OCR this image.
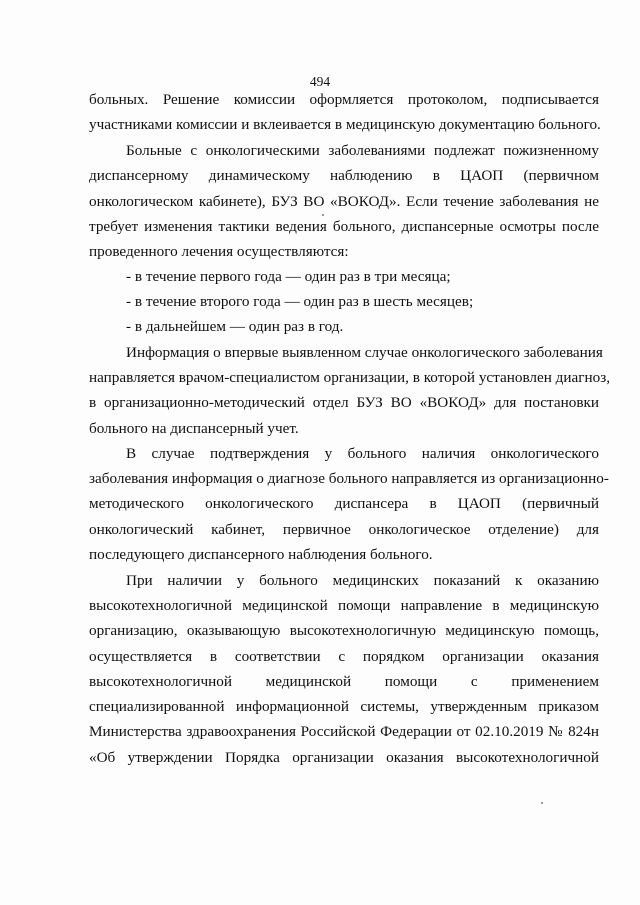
494
больных. Решение комиссии оформляется протоколом, подписывается
участниками комиссии и вклеивается в медицинскую документацию больного.
Больные с онкологическими заболеваниями подлежат пожизненному
диспансерному динамическому наблюдению в ЦАОП (первичном
онкологическом кабинете), БУЗ ВО «ВОКОД». Если течение заболевания не
требует изменения тактики ведения больного, диспансерные осмотры после
проведенного лечения осуществляются:
- в течение первого года — один раз в три месяца;
- в течение второго года — один раз в шесть месяцев;
- в дальнейшем — один раз в год.
Информация о впервые выявленном случае онкологического заболевания
направляется врачом-специалистом организации, в которой установлен диагноз,
в организационно-методический отдел БУЗ ВО «ВОКОД» для постановки
больного на диспансерный учет.
В случае подтверждения у больного наличия онкологического
заболевания информация о диагнозе больного направляется из организационно-
методического онкологического диспансера в ЦАОП (первичный
онкологический кабинет, первичное онкологическое отделение) для
последующего диспансерного наблюдения больного.
При наличии у больного медицинских показаний к оказанию
высокотехнологичной медицинской помощи направление в медицинскую
организацию, оказывающую высокотехнологичную медицинскую помощь,
осуществляется в соответствии с порядком организации оказания
высокотехнологичной медицинской помощи с применением
специализированной информационной системы, утвержденным приказом
Министерства здравоохранения Российской Федерации от 02.10.2019 № 824н
«Об утверждении Порядка организации оказания высокотехнологичной
